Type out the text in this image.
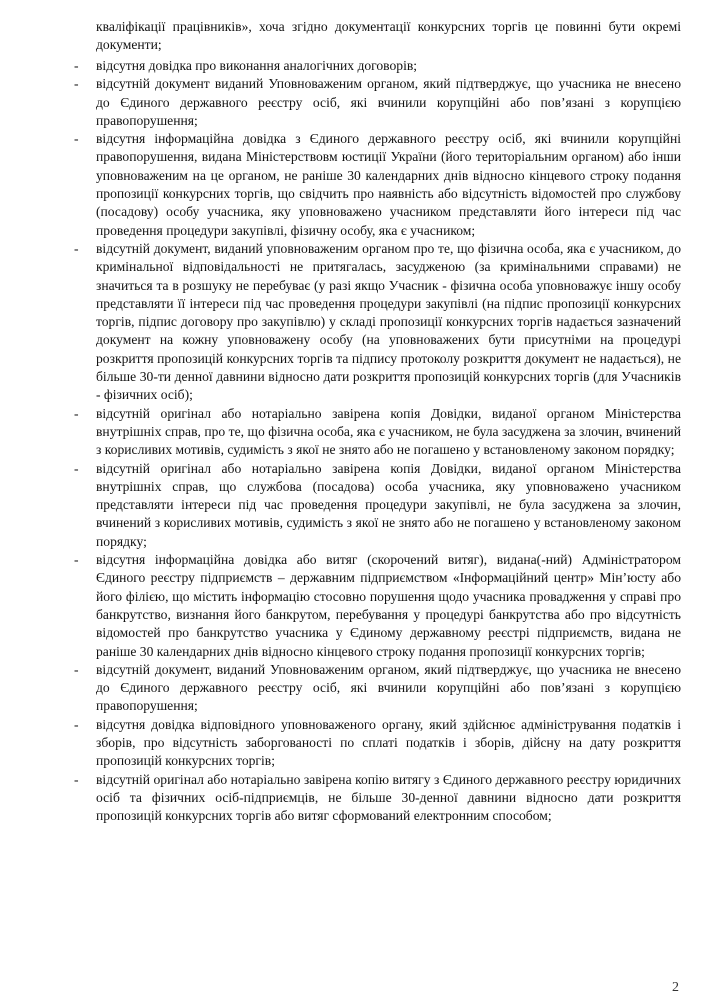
кваліфікації працівників», хоча згідно документації конкурсних торгів це повинні бути окремі документи;

-	відсутня довідка про виконання аналогічних договорів;
-	відсутній документ виданий Уповноваженим органом, який підтверджує, що учасника не внесено до Єдиного державного реєстру осіб, які вчинили корупційні або пов’язані з корупцією правопорушення;
-	відсутня інформаційна довідка з Єдиного державного реєстру осіб, які вчинили корупційні правопорушення, видана Міністерствовм юстиції України (його територіальним органом) або інши уповноваженим на це органом, не раніше 30 календарних днів відносно кінцевого строку подання пропозиції конкурсних торгів, що свідчить про наявність або відсутність відомостей про службову (посадову) особу учасника, яку уповноважено учасником представляти його інтереси під час проведення процедури закупівлі, фізичну особу, яка є учасником;
-	відсутній документ, виданий уповноваженим органом про те, що фізична особа, яка є учасником, до кримінальної відповідальності не притягалась, засудженою (за кримінальними справами) не значиться та в розшуку не перебуває (у разі якщо Учасник - фізична особа уповноважує іншу особу представляти її інтереси під час проведення процедури закупівлі (на підпис пропозиції конкурсних торгів, підпис договору про закупівлю) у складі пропозиції конкурсних торгів надається зазначений документ на кожну уповноважену особу (на уповноважених бути присутніми на процедурі розкриття пропозицій конкурсних торгів та підпису протоколу розкриття документ не надається), не більше 30-ти денної давнини відносно дати розкриття пропозицій конкурсних торгів (для Учасників - фізичних осіб);
-	відсутній оригінал або нотаріально завірена копія Довідки, виданої органом Міністерства внутрішніх справ, про те, що фізична особа, яка є учасником, не була засуджена за злочин, вчинений з корисливих мотивів, судимість з якої не знято або не погашено у встановленому законом порядку;
-	відсутній оригінал або нотаріально завірена копія Довідки, виданої органом Міністерства внутрішніх справ, що службова (посадова) особа учасника, яку уповноважено учасником представляти інтереси під час проведення процедури закупівлі, не була засуджена за злочин, вчинений з корисливих мотивів, судимість з якої не знято або не погашено у встановленому законом порядку;
-	відсутня інформаційна довідка або витяг (скорочений витяг), видана(-ний) Адміністратором Єдиного реєстру підприємств – державним підприємством «Інформаційний центр» Мін’юсту або його філією, що містить інформацію стосовно порушення щодо учасника провадження у справі про банкрутство, визнання його банкрутом, перебування у процедурі банкрутства або про відсутність відомостей про банкрутство учасника у Єдиному державному реєстрі підприємств, видана не раніше 30 календарних днів відносно кінцевого строку подання пропозиції конкурсних торгів;
-	відсутній документ, виданий Уповноваженим органом, який підтверджує, що учасника не внесено до Єдиного державного реєстру осіб, які вчинили корупційні або пов’язані з корупцією правопорушення;
-	відсутня довідка відповідного уповноваженого органу, який здійснює адміністрування податків і зборів, про відсутність заборгованості по сплаті податків і зборів, дійсну на дату розкриття пропозицій конкурсних торгів;
-	відсутній оригінал або нотаріально завірена копію витягу з Єдиного державного реєстру юридичних осіб та фізичних осіб-підприємців, не більше 30-денної давнини відносно дати розкриття пропозицій конкурсних торгів або витяг сформований електронним способом;
2
